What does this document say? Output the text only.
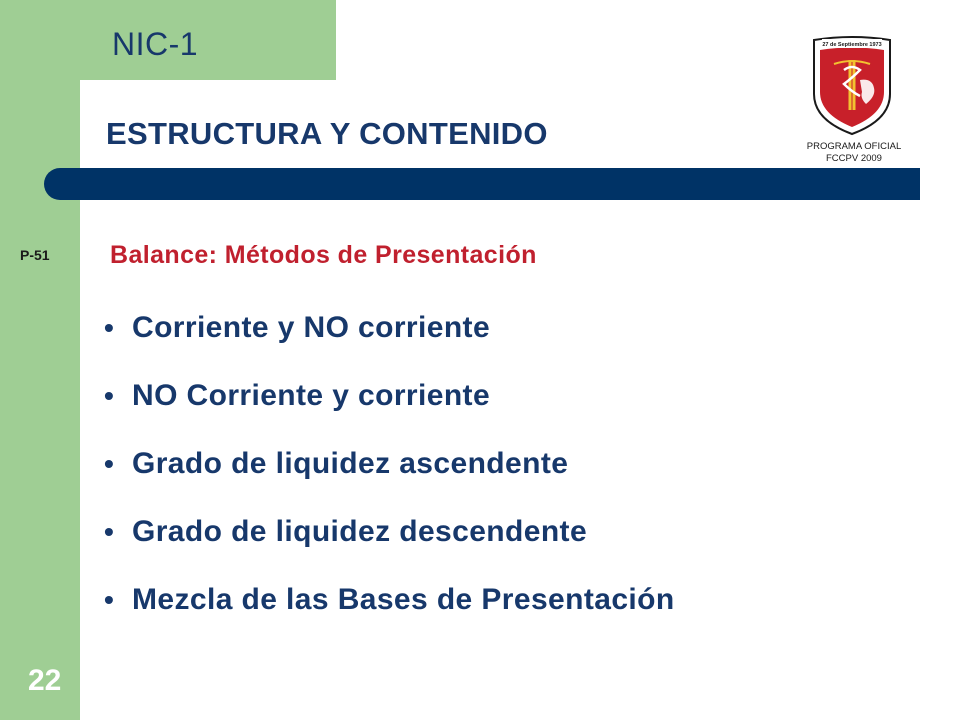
NIC-1
ESTRUCTURA Y CONTENIDO
27 de Septiembre 1973
PROGRAMA OFICIAL
FCCPV 2009
P-51 Balance: Métodos de Presentación
• Corriente y NO corriente
• NO Corriente y corriente
• Grado de liquidez ascendente
• Grado de liquidez descendente
• Mezcla de las Bases de Presentación
22
